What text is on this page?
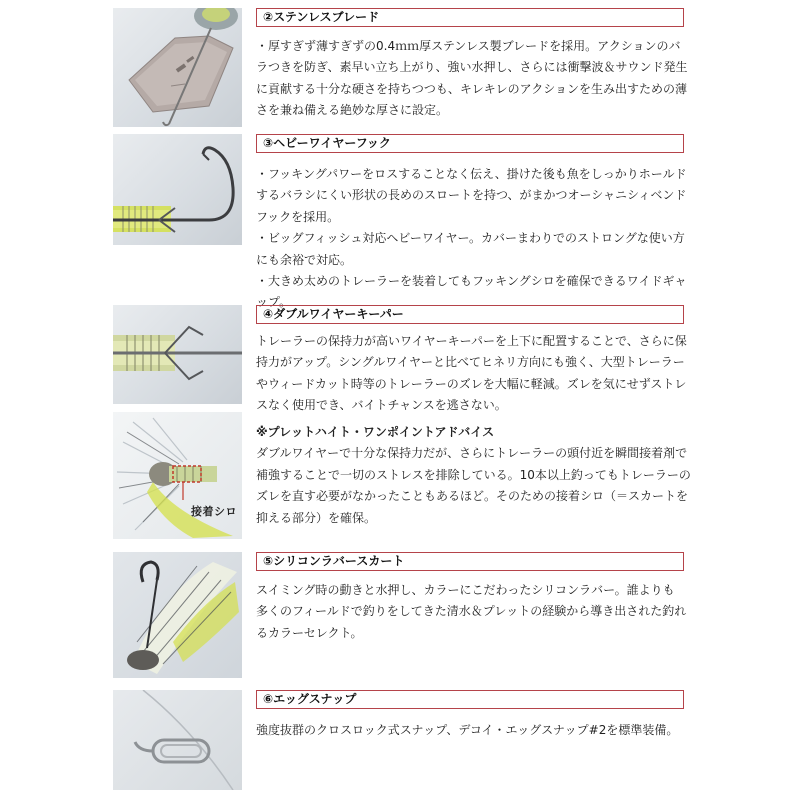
②ステンレスブレード

・厚すぎず薄すぎずの0.4ｍｍ厚ステンレス製ブレードを採用。アクションのバ

ラつきを防ぎ、素早い立ち上がり、強い水押し、さらには衝撃波＆サウンド発生

に貢献する十分な硬さを持ちつつも、キレキレのアクションを生み出すための薄

さを兼ね備える絶妙な厚さに設定。

③ヘビーワイヤーフック

・フッキングパワーをロスすることなく伝え、掛けた後も魚をしっかりホールド

するバラシにくい形状の長めのスロートを持つ、がまかつオーシャニシィベンド

フックを採用。

・ビッグフィッシュ対応ヘビーワイヤー。カバーまわりでのストロングな使い方

にも余裕で対応。

・大きめ太めのトレーラーを装着してもフッキングシロを確保できるワイドギャ

ップ。

④ダブルワイヤーキーパー

トレーラーの保持力が高いワイヤーキーパーを上下に配置することで、さらに保

持力がアップ。シングルワイヤーと比べてヒネリ方向にも強く、大型トレーラー

やウィードカット時等のトレーラーのズレを大幅に軽減。ズレを気にせずストレ

スなく使用でき、バイトチャンスを逃さない。

接着シロ

※プレットハイト・ワンポイントアドバイス

ダブルワイヤーで十分な保持力だが、さらにトレーラーの頭付近を瞬間接着剤で

補強することで一切のストレスを排除している。10本以上釣ってもトレーラーの

ズレを直す必要がなかったこともあるほど。そのための接着シロ（＝スカートを

抑える部分）を確保。

⑤シリコンラバースカート

スイミング時の動きと水押し、カラーにこだわったシリコンラバー。誰よりも

多くのフィールドで釣りをしてきた清水＆プレットの経験から導き出された釣れ

るカラーセレクト。

⑥エッグスナップ

強度抜群のクロスロック式スナップ、デコイ・エッグスナップ#2を標準装備。
